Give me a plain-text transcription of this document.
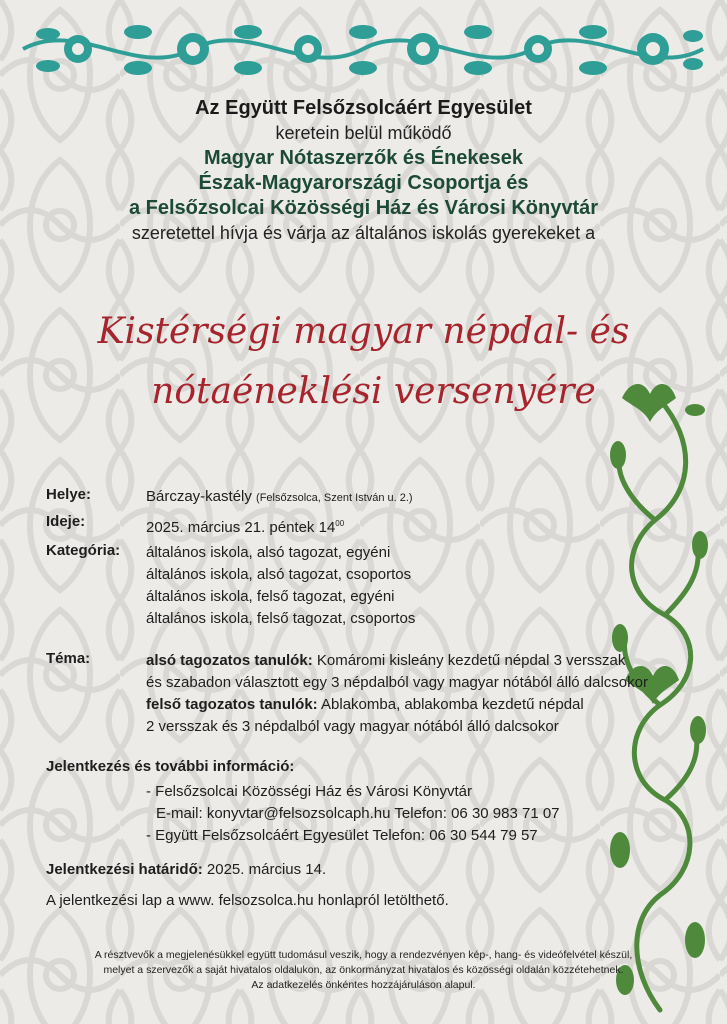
Az Együtt Felsőzsolcáért Egyesület
keretein belül működő
Magyar Nótaszerzők és Énekesek
Észak-Magyarországi Csoportja és
a Felsőzsolcai Közösségi Ház és Városi Könyvtár
szeretettel hívja és várja az általános iskolás gyerekeket a
Kistérségi magyar népdal- és
nótaéneklési versenyére
Helye:	Bárczay-kastély (Felsőzsolca, Szent István u. 2.)
Ideje:	2025. március 21. péntek $14^{00}$
Kategória: általános iskola, alsó tagozat, egyéni
általános iskola, alsó tagozat, csoportos
általános iskola, felső tagozat, egyéni
általános iskola, felső tagozat, csoportos
Téma:	alsó tagozatos tanulók: Komáromi kisleány kezdetű népdal 3 versszak
és szabadon választott egy 3 népdalból vagy magyar nótából álló dalcsokor
felső tagozatos tanulók: Ablakomba, ablakomba kezdetű népdal
2 versszak és 3 népdalból vagy magyar nótából álló dalcsokor
Jelentkezés és további információ:
- Felsőzsolcai Közösségi Ház és Városi Könyvtár
E-mail: konyvtar@felsozsolcaph.hu Telefon: 06 30 983 71 07
- Együtt Felsőzsolcáért Egyesület Telefon: 06 30 544 79 57
Jelentkezési határidő: 2025. március 14.
A jelentkezési lap a www. felsozsolca.hu honlapról letölthető.
A résztvevők a megjelenésükkel együtt tudomásul veszik, hogy a rendezvényen kép-, hang- és videófelvétel készül,
melyet a szervezők a saját hivatalos oldalukon, az önkormányzat hivatalos és közösségi oldalán közzétehetnek.
Az adatkezelés önkéntes hozzájáruláson alapul.
